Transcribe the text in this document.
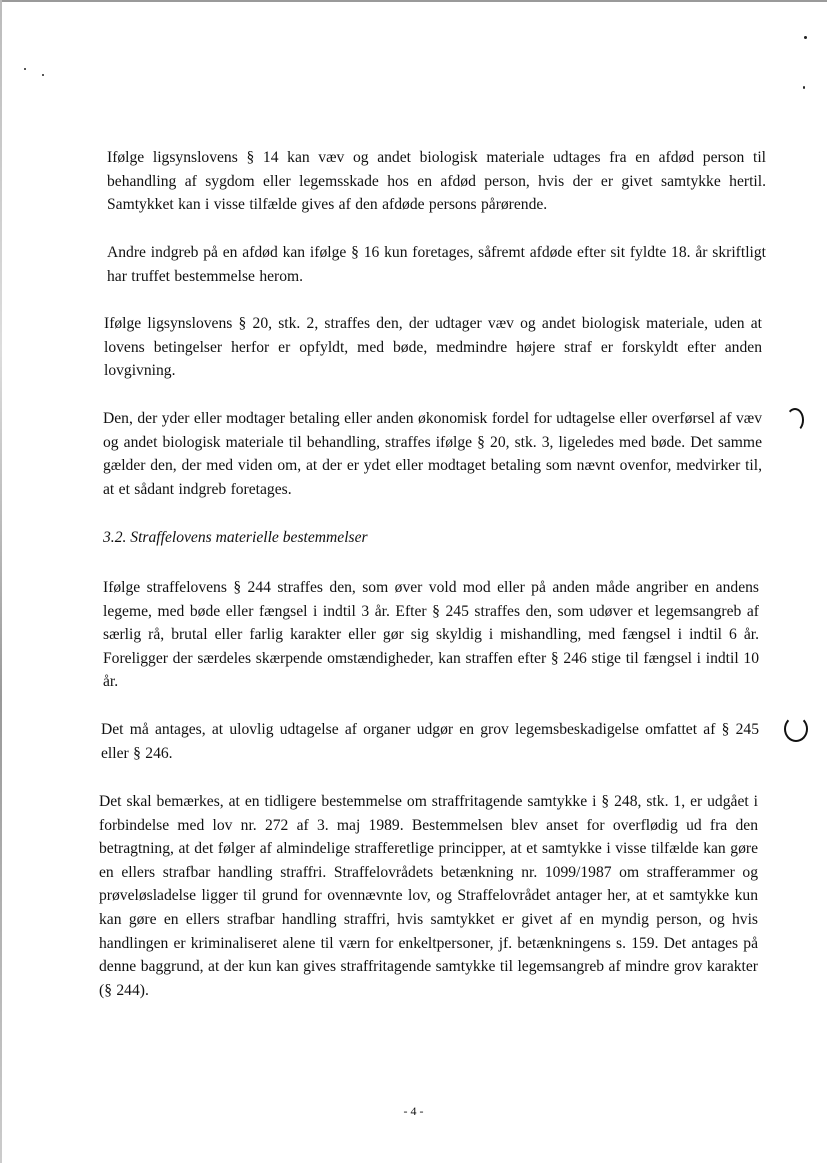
Ifølge ligsynslovens § 14 kan væv og andet biologisk materiale udtages fra en afdød person til behandling af sygdom eller legemsskade hos en afdød person, hvis der er givet samtykke hertil. Samtykket kan i visse tilfælde gives af den afdøde persons pårørende.

Andre indgreb på en afdød kan ifølge § 16 kun foretages, såfremt afdøde efter sit fyldte 18. år skriftligt har truffet bestemmelse herom.

Ifølge ligsynslovens § 20, stk. 2, straffes den, der udtager væv og andet biologisk materiale, uden at lovens betingelser herfor er opfyldt, med bøde, medmindre højere straf er forskyldt efter anden lovgivning.

Den, der yder eller modtager betaling eller anden økonomisk fordel for udtagelse eller overførsel af væv og andet biologisk materiale til behandling, straffes ifølge § 20, stk. 3, ligeledes med bøde. Det samme gælder den, der med viden om, at der er ydet eller modtaget betaling som nævnt ovenfor, medvirker til, at et sådant indgreb foretages.

3.2. Straffelovens materielle bestemmelser

Ifølge straffelovens § 244 straffes den, som øver vold mod eller på anden måde angriber en andens legeme, med bøde eller fængsel i indtil 3 år. Efter § 245 straffes den, som udøver et legemsangreb af særlig rå, brutal eller farlig karakter eller gør sig skyldig i mishandling, med fængsel i indtil 6 år. Foreligger der særdeles skærpende omstændigheder, kan straffen efter § 246 stige til fængsel i indtil 10 år.

Det må antages, at ulovlig udtagelse af organer udgør en grov legemsbeskadigelse omfattet af § 245 eller § 246.

Det skal bemærkes, at en tidligere bestemmelse om straffritagende samtykke i § 248, stk. 1, er udgået i forbindelse med lov nr. 272 af 3. maj 1989. Bestemmelsen blev anset for overflødig ud fra den betragtning, at det følger af almindelige strafferetlige principper, at et samtykke i visse tilfælde kan gøre en ellers strafbar handling straffri. Straffelovrådets betænkning nr. 1099/1987 om strafferammer og prøveløsladelse ligger til grund for ovennævnte lov, og Straffelovrådet antager her, at et samtykke kun kan gøre en ellers strafbar handling straffri, hvis samtykket er givet af en myndig person, og hvis handlingen er kriminaliseret alene til værn for enkeltpersoner, jf. betænkningens s. 159. Det antages på denne baggrund, at der kun kan gives straffritagende samtykke til legemsangreb af mindre grov karakter (§ 244).

- 4 -
